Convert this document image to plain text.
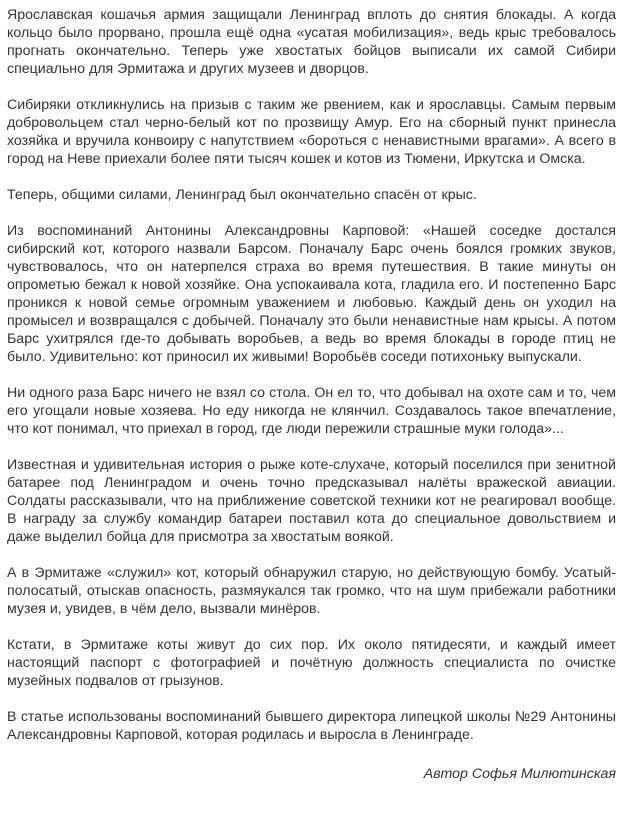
Ярославская кошачья армия защищали Ленинград вплоть до снятия блокады. А когда кольцо было прорвано, прошла ещё одна «усатая мобилизация», ведь крыс требовалось прогнать окончательно. Теперь уже хвостатых бойцов выписали их самой Сибири специально для Эрмитажа и других музеев и дворцов.

Сибиряки откликнулись на призыв с таким же рвением, как и ярославцы. Самым первым добровольцем стал черно-белый кот по прозвищу Амур. Его на сборный пункт принесла хозяйка и вручила конвоиру с напутствием «бороться с ненавистными врагами». А всего в город на Неве приехали более пяти тысяч кошек и котов из Тюмени, Иркутска и Омска.

Теперь, общими силами, Ленинград был окончательно спасён от крыс.

Из воспоминаний Антонины Александровны Карповой: «Нашей соседке достался сибирский кот, которого назвали Барсом. Поначалу Барс очень боялся громких звуков, чувствовалось, что он натерпелся страха во время путешествия. В такие минуты он опрометью бежал к новой хозяйке. Она успокаивала кота, гладила его. И постепенно Барс проникся к новой семье огромным уважением и любовью. Каждый день он уходил на промысел и возвращался с добычей. Поначалу это были ненавистные нам крысы. А потом Барс ухитрялся где-то добывать воробьев, а ведь во время блокады в городе птиц не было. Удивительно: кот приносил их живыми! Воробьёв соседи потихоньку выпускали.

Ни одного раза Барс ничего не взял со стола. Он ел то, что добывал на охоте сам и то, чем его угощали новые хозяева. Но еду никогда не клянчил. Создавалось такое впечатление, что кот понимал, что приехал в город, где люди пережили страшные муки голода»...

Известная и удивительная история о рыже коте-слухаче, который поселился при зенитной батарее под Ленинградом и очень точно предсказывал налёты вражеской авиации. Солдаты рассказывали, что на приближение советской техники кот не реагировал вообще. В награду за службу командир батареи поставил кота до специальное довольствием и даже выделил бойца для присмотра за хвостатым воякой.

А в Эрмитаже «служил» кот, который обнаружил старую, но действующую бомбу. Усатый-полосатый, отыскав опасность, размяукался так громко, что на шум прибежали работники музея и, увидев, в чём дело, вызвали минёров.

Кстати, в Эрмитаже коты живут до сих пор. Их около пятидесяти, и каждый имеет настоящий паспорт с фотографией и почётную должность специалиста по очистке музейных подвалов от грызунов.

В статье использованы воспоминаний бывшего директора липецкой школы №29 Антонины Александровны Карповой, которая родилась и выросла в Ленинграде.

Автор Софья Милютинская
